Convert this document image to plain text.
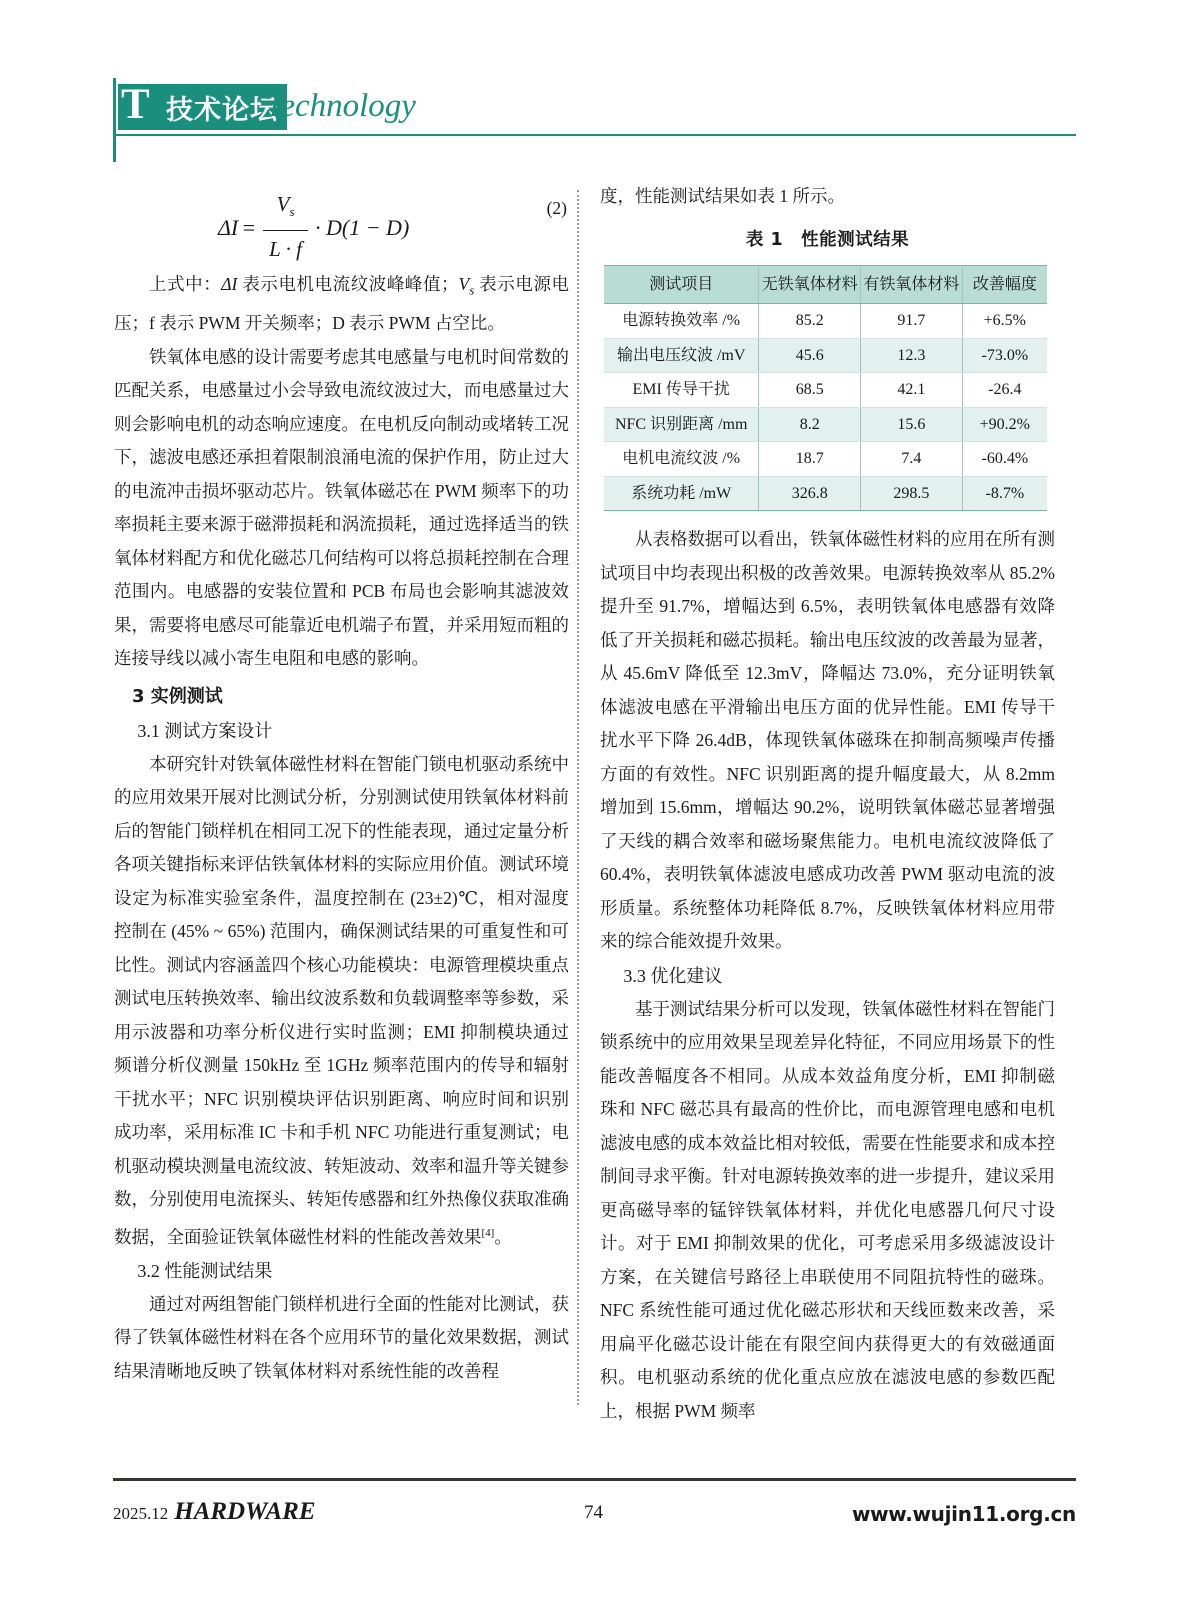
T 技术论坛
Technology
$\Delta I = \frac{V_s}{L \cdot f} \cdot D(1 - D)$
(2)

上式中：ΔI 表示电机电流纹波峰峰值；$V_s$ 表示电源电压；f 表示 PWM 开关频率；D 表示 PWM 占空比。

铁氧体电感的设计需要考虑其电感量与电机时间常数的匹配关系，电感量过小会导致电流纹波过大，而电感量过大则会影响电机的动态响应速度。在电机反向制动或堵转工况下，滤波电感还承担着限制浪涌电流的保护作用，防止过大的电流冲击损坏驱动芯片。铁氧体磁芯在 PWM 频率下的功率损耗主要来源于磁滞损耗和涡流损耗，通过选择适当的铁氧体材料配方和优化磁芯几何结构可以将总损耗控制在合理范围内。电感器的安装位置和 PCB 布局也会影响其滤波效果，需要将电感尽可能靠近电机端子布置，并采用短而粗的连接导线以减小寄生电阻和电感的影响。

3 实例测试
3.1 测试方案设计

本研究针对铁氧体磁性材料在智能门锁电机驱动系统中的应用效果开展对比测试分析，分别测试使用铁氧体材料前后的智能门锁样机在相同工况下的性能表现，通过定量分析各项关键指标来评估铁氧体材料的实际应用价值。测试环境设定为标准实验室条件，温度控制在 (23±2)℃，相对湿度控制在 (45% ~ 65%) 范围内，确保测试结果的可重复性和可比性。测试内容涵盖四个核心功能模块：电源管理模块重点测试电压转换效率、输出纹波系数和负载调整率等参数，采用示波器和功率分析仪进行实时监测；EMI 抑制模块通过频谱分析仪测量 150kHz 至 1GHz 频率范围内的传导和辐射干扰水平；NFC 识别模块评估识别距离、响应时间和识别成功率，采用标准 IC 卡和手机 NFC 功能进行重复测试；电机驱动模块测量电流纹波、转矩波动、效率和温升等关键参数，分别使用电流探头、转矩传感器和红外热像仪获取准确数据，全面验证铁氧体磁性材料的性能改善效果[4]。

3.2 性能测试结果

通过对两组智能门锁样机进行全面的性能对比测试，获得了铁氧体磁性材料在各个应用环节的量化效果数据，测试结果清晰地反映了铁氧体材料对系统性能的改善程

度，性能测试结果如表 1 所示。

表 1　性能测试结果
测试项目	无铁氧体材料	有铁氧体材料	改善幅度
电源转换效率 /%	85.2	91.7	+6.5%
输出电压纹波 /mV	45.6	12.3	-73.0%
EMI 传导干扰	68.5	42.1	-26.4
NFC 识别距离 /mm	8.2	15.6	+90.2%
电机电流纹波 /%	18.7	7.4	-60.4%
系统功耗 /mW	326.8	298.5	-8.7%

从表格数据可以看出，铁氧体磁性材料的应用在所有测试项目中均表现出积极的改善效果。电源转换效率从 85.2% 提升至 91.7%，增幅达到 6.5%，表明铁氧体电感器有效降低了开关损耗和磁芯损耗。输出电压纹波的改善最为显著，从 45.6mV 降低至 12.3mV，降幅达 73.0%，充分证明铁氧体滤波电感在平滑输出电压方面的优异性能。EMI 传导干扰水平下降 26.4dB，体现铁氧体磁珠在抑制高频噪声传播方面的有效性。NFC 识别距离的提升幅度最大，从 8.2mm 增加到 15.6mm，增幅达 90.2%，说明铁氧体磁芯显著增强了天线的耦合效率和磁场聚焦能力。电机电流纹波降低了 60.4%，表明铁氧体滤波电感成功改善 PWM 驱动电流的波形质量。系统整体功耗降低 8.7%，反映铁氧体材料应用带来的综合能效提升效果。

3.3 优化建议

基于测试结果分析可以发现，铁氧体磁性材料在智能门锁系统中的应用效果呈现差异化特征，不同应用场景下的性能改善幅度各不相同。从成本效益角度分析，EMI 抑制磁珠和 NFC 磁芯具有最高的性价比，而电源管理电感和电机滤波电感的成本效益比相对较低，需要在性能要求和成本控制间寻求平衡。针对电源转换效率的进一步提升，建议采用更高磁导率的锰锌铁氧体材料，并优化电感器几何尺寸设计。对于 EMI 抑制效果的优化，可考虑采用多级滤波设计方案，在关键信号路径上串联使用不同阻抗特性的磁珠。NFC 系统性能可通过优化磁芯形状和天线匝数来改善，采用扁平化磁芯设计能在有限空间内获得更大的有效磁通面积。电机驱动系统的优化重点应放在滤波电感的参数匹配上，根据 PWM 频率

2025.12 HARDWARE	74	www.wujin11.org.cn
